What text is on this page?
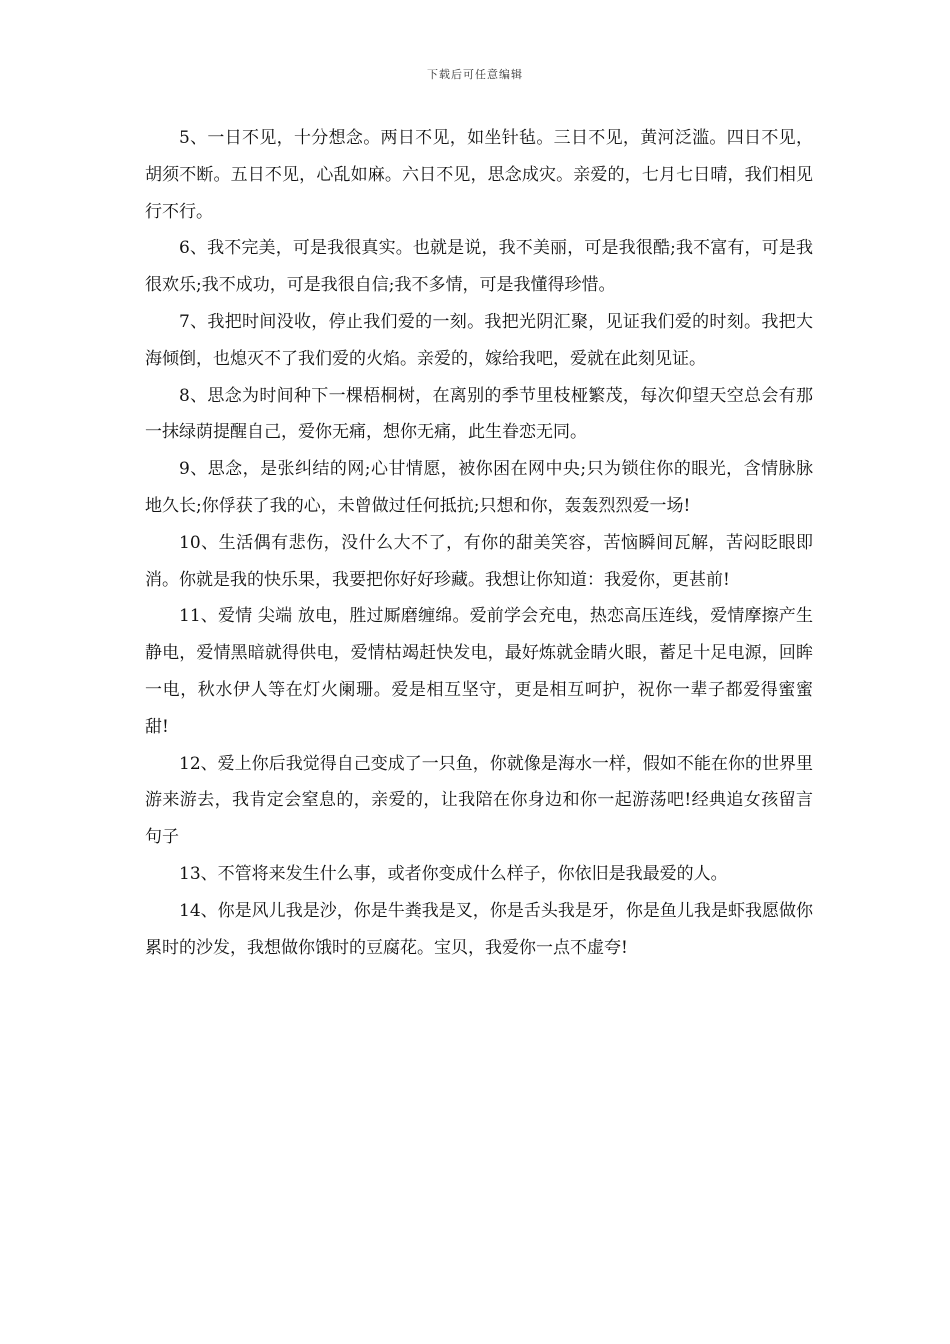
下载后可任意编辑

5、一日不见，十分想念。两日不见，如坐针毡。三日不见，黄河泛滥。四日不见，胡须不断。五日不见，心乱如麻。六日不见，思念成灾。亲爱的，七月七日晴，我们相见行不行。

6、我不完美，可是我很真实。也就是说，我不美丽，可是我很酷;我不富有，可是我很欢乐;我不成功，可是我很自信;我不多情，可是我懂得珍惜。

7、我把时间没收，停止我们爱的一刻。我把光阴汇聚，见证我们爱的时刻。我把大海倾倒，也熄灭不了我们爱的火焰。亲爱的，嫁给我吧，爱就在此刻见证。

8、思念为时间种下一棵梧桐树，在离别的季节里枝桠繁茂，每次仰望天空总会有那一抹绿荫提醒自己，爱你无痛，想你无痛，此生眷恋无同。

9、思念，是张纠结的网;心甘情愿，被你困在网中央;只为锁住你的眼光，含情脉脉地久长;你俘获了我的心，未曾做过任何抵抗;只想和你，轰轰烈烈爱一场!

10、生活偶有悲伤，没什么大不了，有你的甜美笑容，苦恼瞬间瓦解，苦闷眨眼即消。你就是我的快乐果，我要把你好好珍藏。我想让你知道：我爱你，更甚前!

11、爱情 尖端 放电，胜过厮磨缠绵。爱前学会充电，热恋高压连线，爱情摩擦产生静电，爱情黑暗就得供电，爱情枯竭赶快发电，最好炼就金睛火眼，蓄足十足电源，回眸一电，秋水伊人等在灯火阑珊。爱是相互坚守，更是相互呵护，祝你一辈子都爱得蜜蜜甜!

12、爱上你后我觉得自己变成了一只鱼，你就像是海水一样，假如不能在你的世界里游来游去，我肯定会窒息的，亲爱的，让我陪在你身边和你一起游荡吧!经典追女孩留言句子

13、不管将来发生什么事，或者你变成什么样子，你依旧是我最爱的人。

14、你是风儿我是沙，你是牛粪我是叉，你是舌头我是牙，你是鱼儿我是虾我愿做你累时的沙发，我想做你饿时的豆腐花。宝贝，我爱你一点不虚夸!
